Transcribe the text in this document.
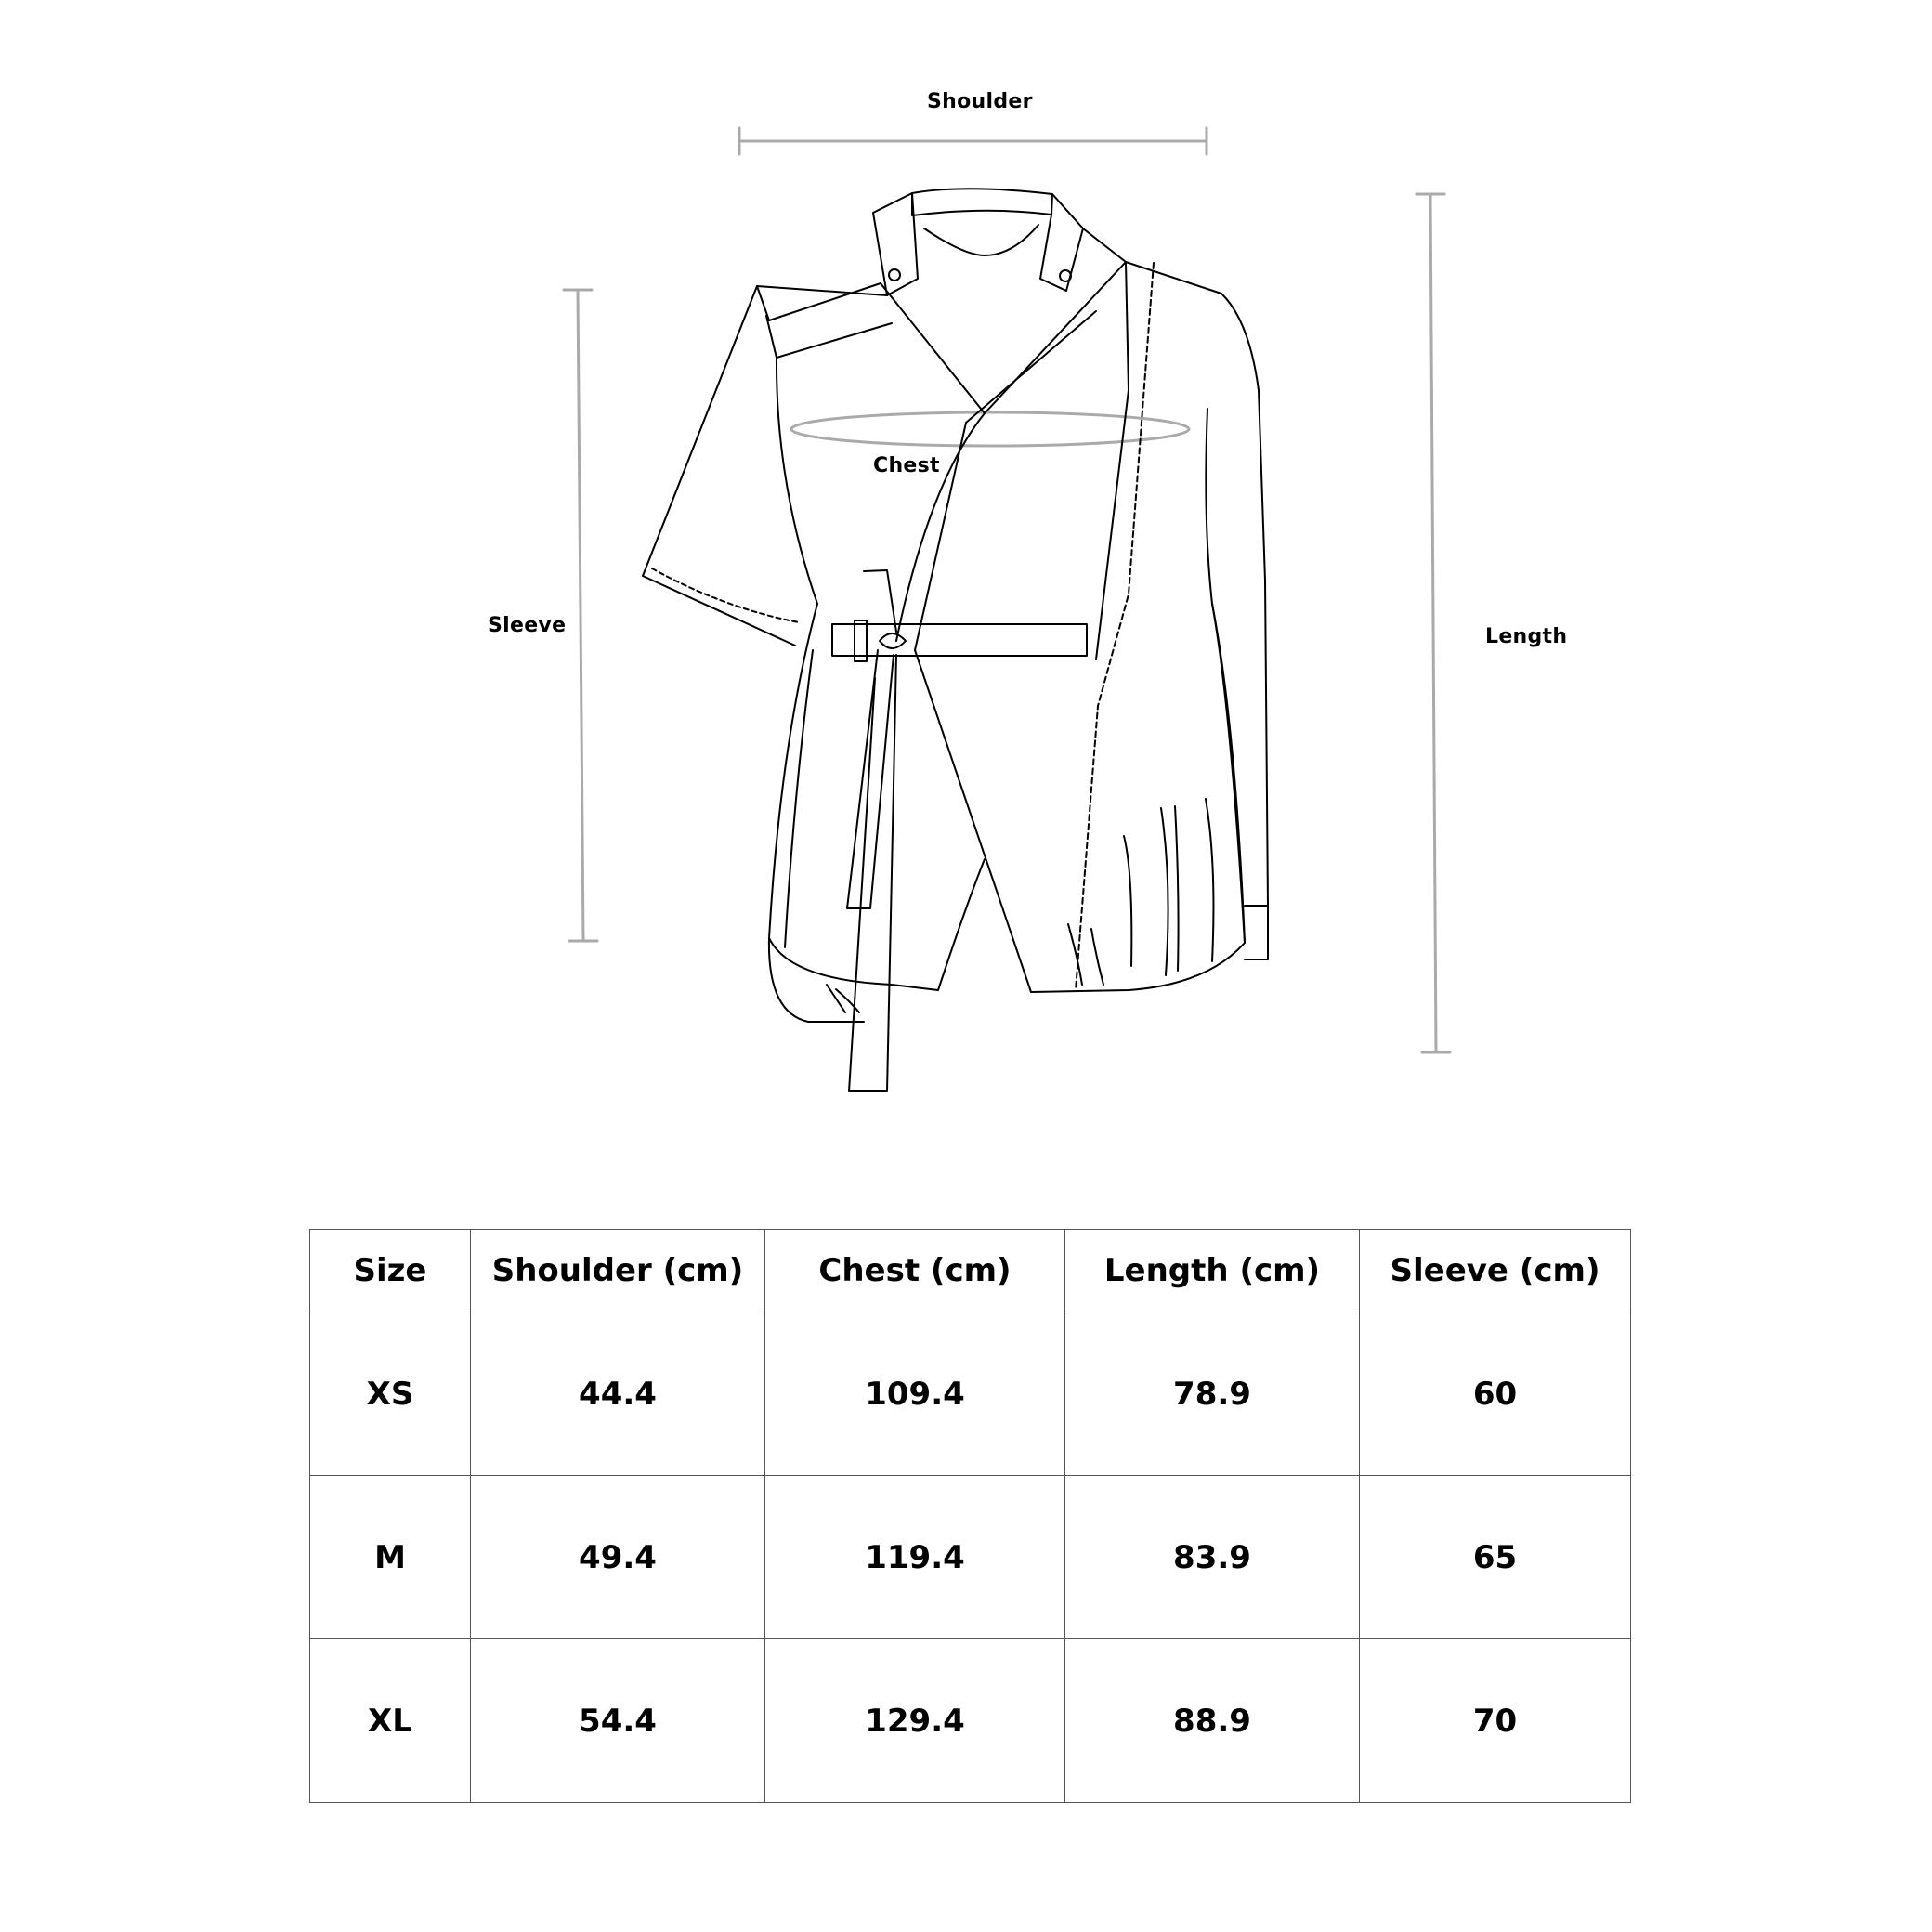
Shoulder
Chest
Sleeve	Length
Size	Shoulder (cm)	Chest (cm)	Length (cm)	Sleeve (cm)
XS	44.4	109.4	78.9	60
M	49.4	119.4	83.9	65
XL	54.4	129.4	88.9	70
